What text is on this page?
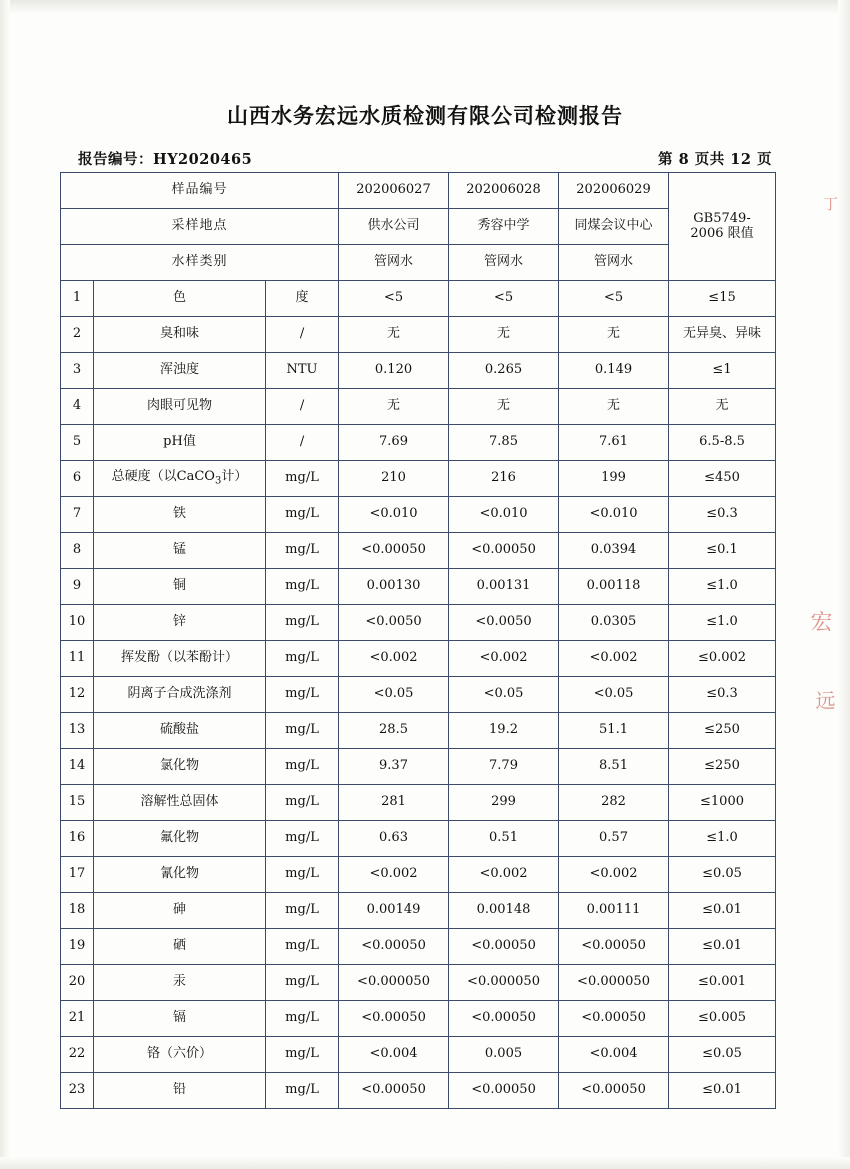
丁
宏
远
山西水务宏远水质检测有限公司检测报告
报告编号：HY2020465	第 8 页共 12 页
样品编号			202006027	202006028	202006029	GB5749-
2006 限值

采样地点			供水公司	秀容中学	同煤会议中心	
水样类别			管网水	管网水	管网水	
1	色	度	<5	<5	<5	≤15
2	臭和味	/	无	无	无	无异臭、异味
3	浑浊度	NTU	0.120	0.265	0.149	≤1
4	肉眼可见物	/	无	无	无	无
5	pH值	/	7.69	7.85	7.61	6.5-8.5
6	总硬度（以CaCO$_3$计）	mg/L	210	216	199	≤450
7	铁	mg/L	<0.010	<0.010	<0.010	≤0.3
8	锰	mg/L	<0.00050	<0.00050	0.0394	≤0.1
9	铜	mg/L	0.00130	0.00131	0.00118	≤1.0
10	锌	mg/L	<0.0050	<0.0050	0.0305	≤1.0
11	挥发酚（以苯酚计）	mg/L	<0.002	<0.002	<0.002	≤0.002
12	阴离子合成洗涤剂	mg/L	<0.05	<0.05	<0.05	≤0.3
13	硫酸盐	mg/L	28.5	19.2	51.1	≤250
14	氯化物	mg/L	9.37	7.79	8.51	≤250
15	溶解性总固体	mg/L	281	299	282	≤1000
16	氟化物	mg/L	0.63	0.51	0.57	≤1.0
17	氰化物	mg/L	<0.002	<0.002	<0.002	≤0.05
18	砷	mg/L	0.00149	0.00148	0.00111	≤0.01
19	硒	mg/L	<0.00050	<0.00050	<0.00050	≤0.01
20	汞	mg/L	<0.000050	<0.000050	<0.000050	≤0.001
21	镉	mg/L	<0.00050	<0.00050	<0.00050	≤0.005
22	铬（六价）	mg/L	<0.004	0.005	<0.004	≤0.05
23	铅	mg/L	<0.00050	<0.00050	<0.00050	≤0.01
